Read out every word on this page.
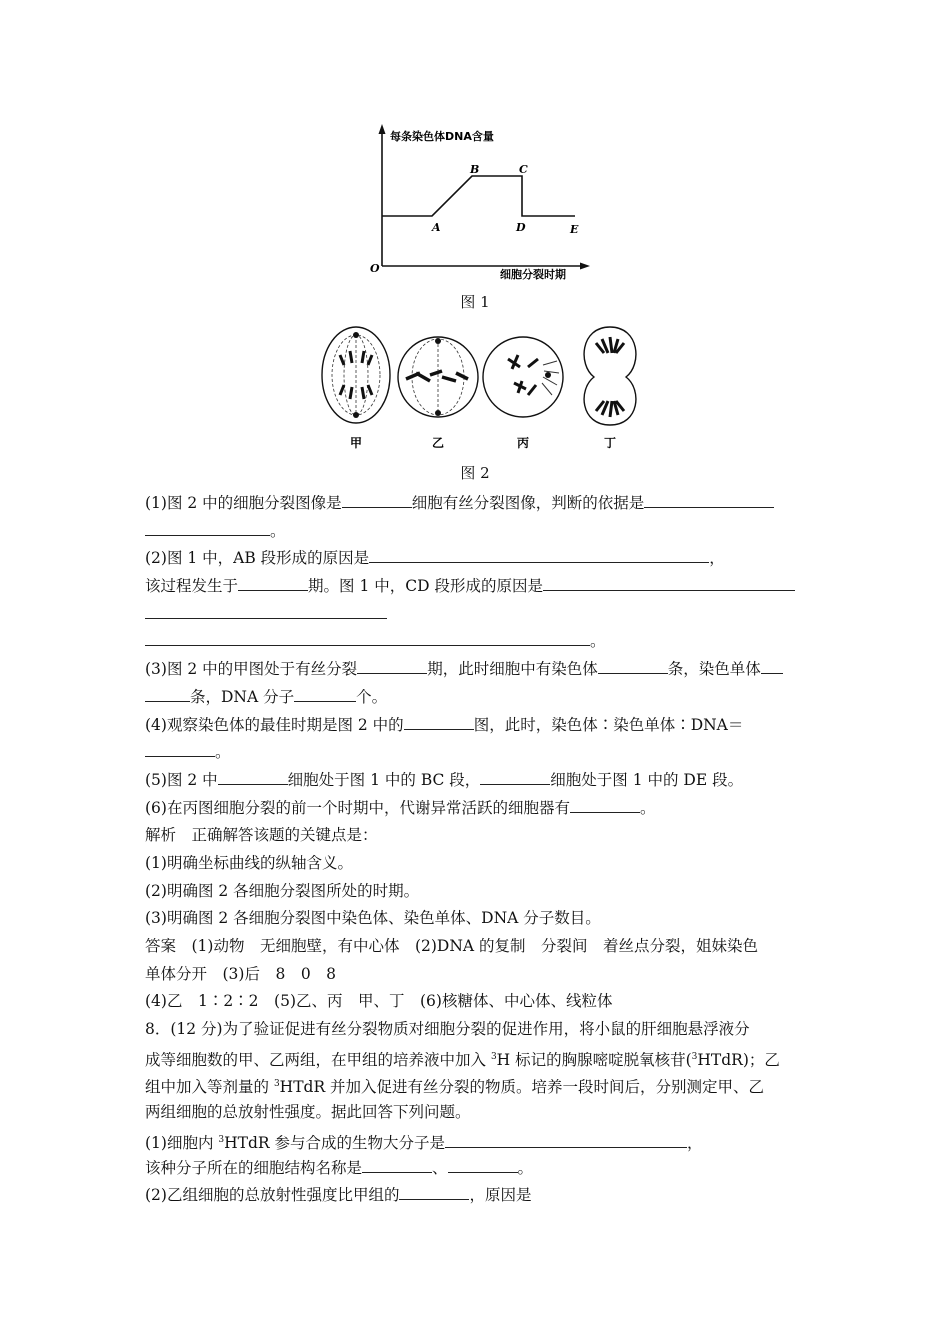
每条染色体DNA含量
细胞分裂时期
O
A
B	C
D	E
图 1
甲	乙	丙	丁
图 2
(1)图 2 中的细胞分裂图像是	细胞有丝分裂图像，判断的依据是
。
(2)图 1 中，AB 段形成的原因是	，
该过程发生于	期。图 1 中，CD 段形成的原因是
。
(3)图 2 中的甲图处于有丝分裂	期，此时细胞中有染色体	条，染色单体
条，DNA 分子	个。
(4)观察染色体的最佳时期是图 2 中的	图，此时，染色体∶染色单体∶DNA＝
。
(5)图 2 中	细胞处于图 1 中的 BC 段，	细胞处于图 1 中的 DE 段。
(6)在丙图细胞分裂的前一个时期中，代谢异常活跃的细胞器有	。
解析　正确解答该题的关键点是：
(1)明确坐标曲线的纵轴含义。
(2)明确图 2 各细胞分裂图所处的时期。
(3)明确图 2 各细胞分裂图中染色体、染色单体、DNA 分子数目。
答案　(1)动物　无细胞壁，有中心体　(2)DNA 的复制　分裂间　着丝点分裂，姐妹染色
单体分开　(3)后　8　0　8
(4)乙　1∶2∶2　(5)乙、丙　甲、丁　(6)核糖体、中心体、线粒体
8．(12 分)为了验证促进有丝分裂物质对细胞分裂的促进作用，将小鼠的肝细胞悬浮液分
成等细胞数的甲、乙两组，在甲组的培养液中加入 $^3$H 标记的胸腺嘧啶脱氧核苷($^3$HTdR)；乙
组中加入等剂量的 $^3$HTdR 并加入促进有丝分裂的物质。培养一段时间后，分别测定甲、乙
两组细胞的总放射性强度。据此回答下列问题。
(1)细胞内 $^3$HTdR 参与合成的生物大分子是	，
该种分子所在的细胞结构名称是	、	。
(2)乙组细胞的总放射性强度比甲组的	，原因是
